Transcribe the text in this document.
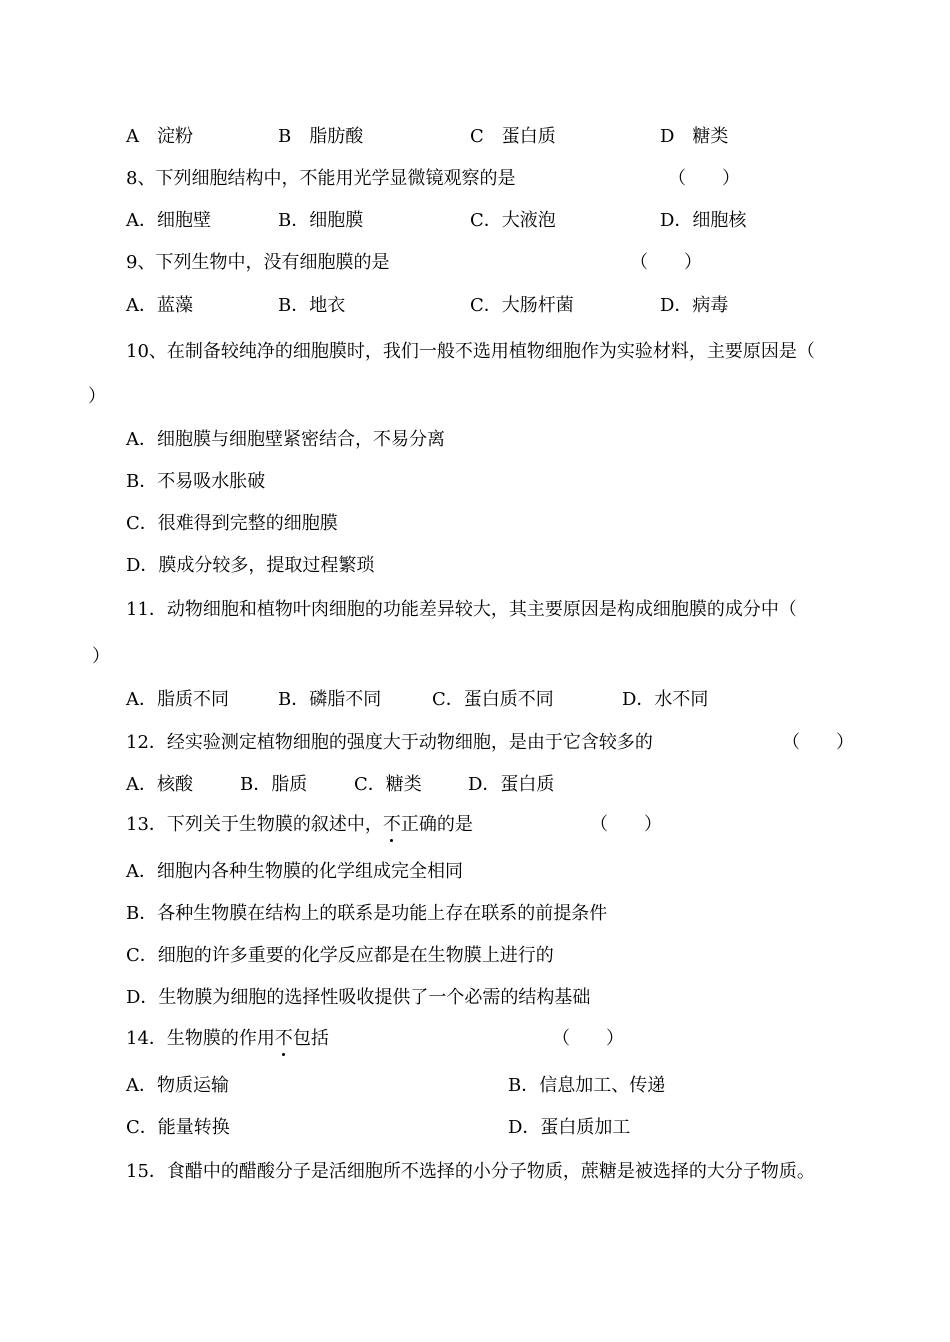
A　淀粉	B　脂肪酸	C　蛋白质	D　糖类
8、下列细胞结构中，不能用光学显微镜观察的是	（　　）
A．细胞壁	B．细胞膜	C．大液泡	D．细胞核
9、下列生物中，没有细胞膜的是	（　　）
A．蓝藻	B．地衣	C．大肠杆菌	D．病毒
10、在制备较纯净的细胞膜时，我们一般不选用植物细胞作为实验材料，主要原因是（
）
A．细胞膜与细胞壁紧密结合，不易分离
B．不易吸水胀破
C．很难得到完整的细胞膜
D．膜成分较多，提取过程繁琐
11．动物细胞和植物叶肉细胞的功能差异较大，其主要原因是构成细胞膜的成分中（
）
A．脂质不同	B．磷脂不同	C．蛋白质不同	D．水不同
12．经实验测定植物细胞的强度大于动物细胞，是由于它含较多的	（　　）
A．核酸	B．脂质	C．糖类	D．蛋白质
13．下列关于生物膜的叙述中，不正确的是	（　　）
A．细胞内各种生物膜的化学组成完全相同
B．各种生物膜在结构上的联系是功能上存在联系的前提条件
C．细胞的许多重要的化学反应都是在生物膜上进行的
D．生物膜为细胞的选择性吸收提供了一个必需的结构基础
14．生物膜的作用不包括	（　　）
A．物质运输	B．信息加工、传递
C．能量转换	D．蛋白质加工
15．食醋中的醋酸分子是活细胞所不选择的小分子物质，蔗糖是被选择的大分子物质。
